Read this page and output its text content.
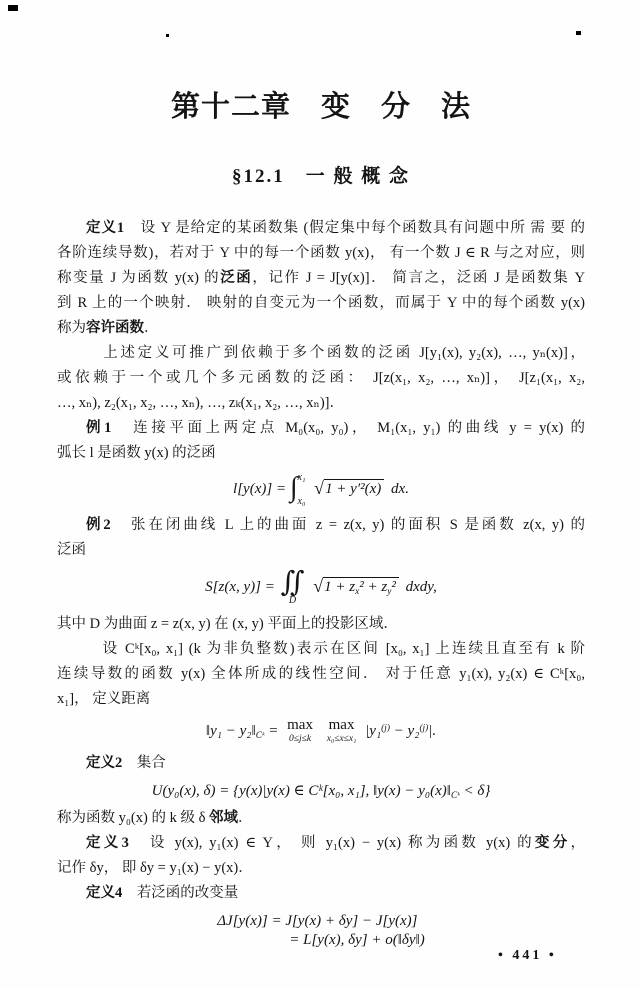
第十二章　变　分　法
§12.1　一 般 概 念
定义1　设 Y 是给定的某函数集 (假定集中每个函数具有问题中所 需 要 的
各阶连续导数)，若对于 Y 中的每一个函数 y(x)， 有一个数 J ∈ R 与之对应，则
称变量 J 为函数 y(x) 的泛函，记作 J = J[y(x)]． 简言之，泛函 J 是函数集 Y
到 R 上的一个映射． 映射的自变元为一个函数，而属于 Y 中的每个函数 y(x)
称为容许函数．
　上述定义可推广到依赖于多个函数的泛函 J[y₁(x), y₂(x), …, yₙ(x)]，
或依赖于一个或几个多元函数的泛函： J[z(x₁, x₂, …, xₙ)]， J[z₁(x₁, x₂,
…, xₙ), z₂(x₁, x₂, …, xₙ), …, zₖ(x₁, x₂, …, xₙ)]．
例1　连接平面上两定点 M₀(x₀, y₀)， M₁(x₁, y₁) 的曲线 y = y(x) 的
弧长 l 是函数 y(x) 的泛函
l[y(x)] = ∫ x₁
x₀
√1 + y′²(x) dx.
例2　张在闭曲线 L 上的曲面 z = z(x, y) 的面积 S 是函数 z(x, y) 的
泛函
S[z(x, y)] = ∬
D
$√1 + z_x^2 + z_y^2$ dxdy,
其中 D 为曲面 z = z(x, y) 在 (x, y) 平面上的投影区域．
　设 Cᵏ[x₀, x₁] (k 为非负整数)表示在区间 [x₀, x₁] 上连续且直至有 k 阶
连续导数的函数 y(x) 全体所成的线性空间． 对于任意 y₁(x), y₂(x) ∈ Cᵏ[x₀,
x₁]， 定义距离
‖y₁ − $y_2‖_{Cᵏ} = \max$
0≤j≤k

max
x₀≤x≤x₁
|y₁$^{(j)}$ − y₂$^{(j)}$|.
定义2　集合
U(y₀(x), δ) = {y(x)|y(x) ∈ Cᵏ[x₀, x₁], ‖y(x) − $y_0(x)‖_{Cᵏ} < \delta$}
称为函数 y₀(x) 的 k 级 δ 邻域．
定义3　设 y(x), y₁(x) ∈ Y， 则 y₁(x) − y(x) 称为函数 y(x) 的变分，
记作 δy， 即 δy = y₁(x) − y(x)．
定义4　若泛函的改变量
ΔJ[y(x)] = J[y(x) + δy] − J[y(x)]
= L[y(x), δy] + o(‖δy‖)
• 441 •
